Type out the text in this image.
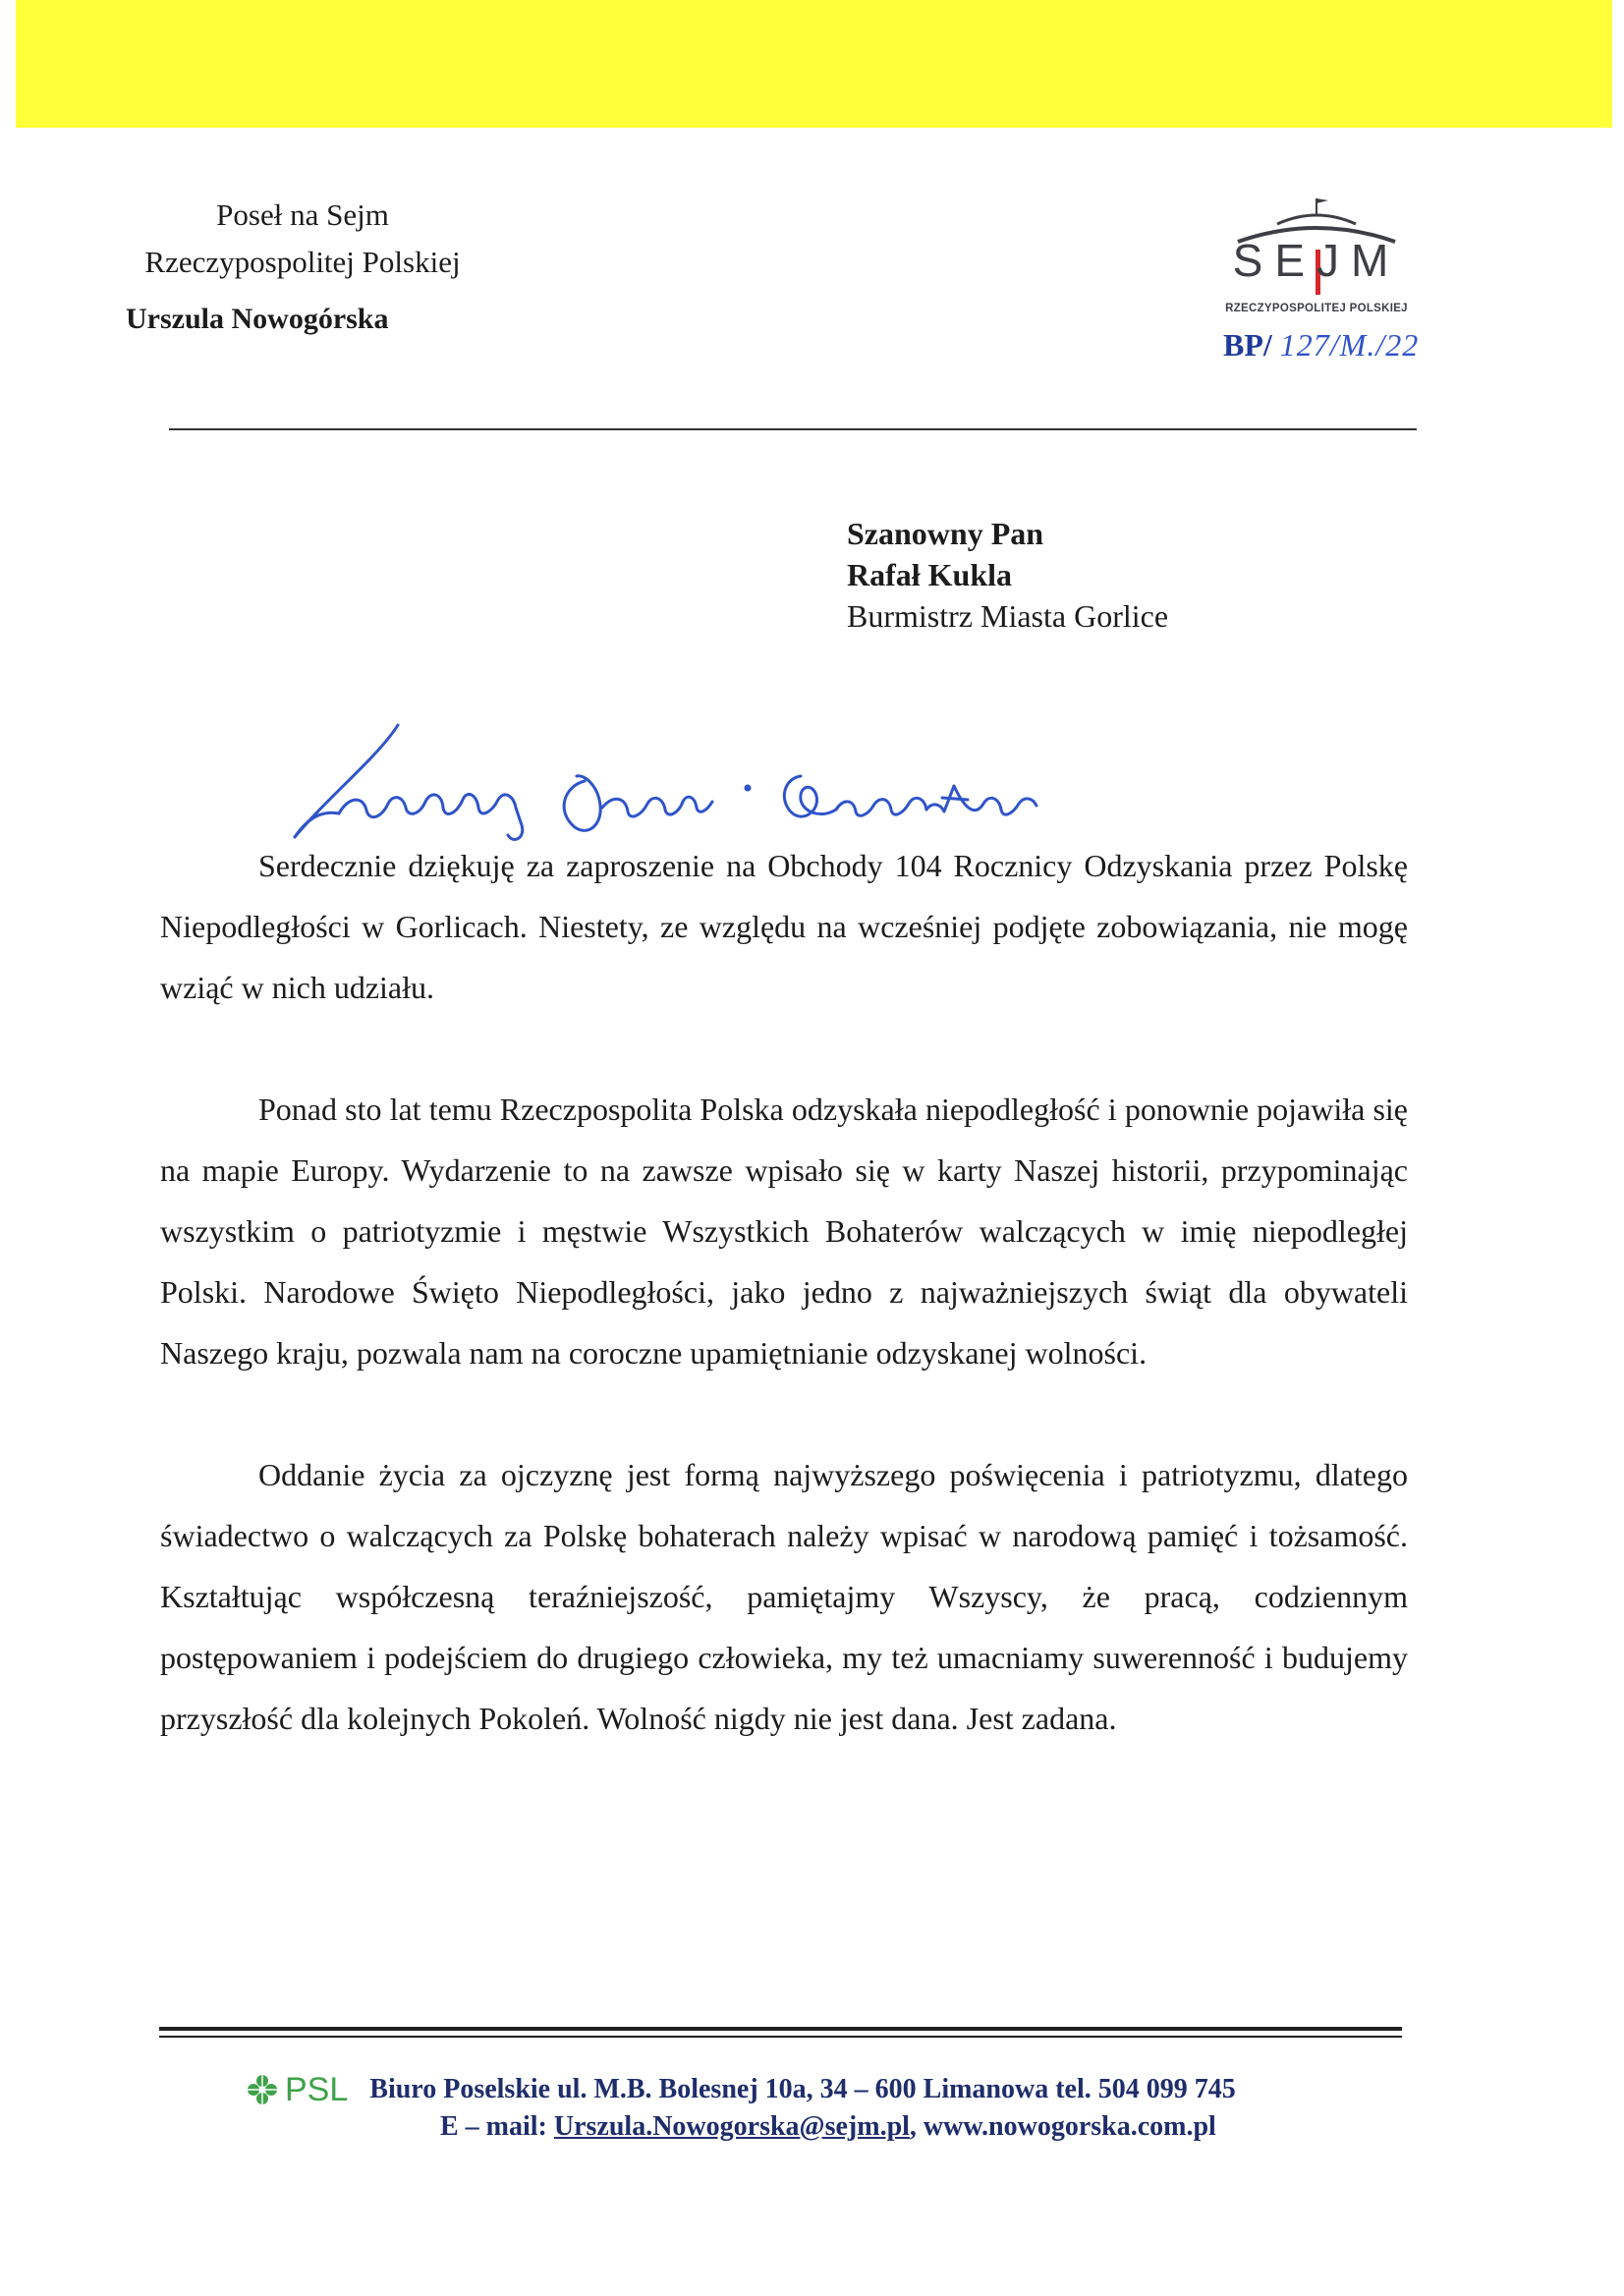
Poseł na Sejm
Rzeczypospolitej Polskiej
Urszula Nowogórska
SEJM
RZECZYPOSPOLITEJ POLSKIEJ
BP/ 127/M./22
Szanowny Pan
Rafał Kukla
Burmistrz Miasta Gorlice

Serdecznie dziękuję za zaproszenie na Obchody 104 Rocznicy Odzyskania przez Polskę Niepodległości w Gorlicach. Niestety, ze względu na wcześniej podjęte zobowiązania, nie mogę wziąć w nich udziału.

Ponad sto lat temu Rzeczpospolita Polska odzyskała niepodległość i ponownie pojawiła się na mapie Europy. Wydarzenie to na zawsze wpisało się w karty Naszej historii, przypominając wszystkim o patriotyzmie i męstwie Wszystkich Bohaterów walczących w imię niepodległej Polski. Narodowe Święto Niepodległości, jako jedno z najważniejszych świąt dla obywateli Naszego kraju, pozwala nam na coroczne upamiętnianie odzyskanej wolności.

Oddanie życia za ojczyznę jest formą najwyższego poświęcenia i patriotyzmu, dlatego świadectwo o walczących za Polskę bohaterach należy wpisać w narodową pamięć i tożsamość. Kształtując współczesną teraźniejszość, pamiętajmy Wszyscy, że pracą, codziennym postępowaniem i podejściem do drugiego człowieka, my też umacniamy suwerenność i budujemy przyszłość dla kolejnych Pokoleń. Wolność nigdy nie jest dana. Jest zadana.

PSL Biuro Poselskie ul. M.B. Bolesnej 10a, 34 – 600 Limanowa tel. 504 099 745
E – mail: Urszula.Nowogorska@sejm.pl, www.nowogorska.com.pl
